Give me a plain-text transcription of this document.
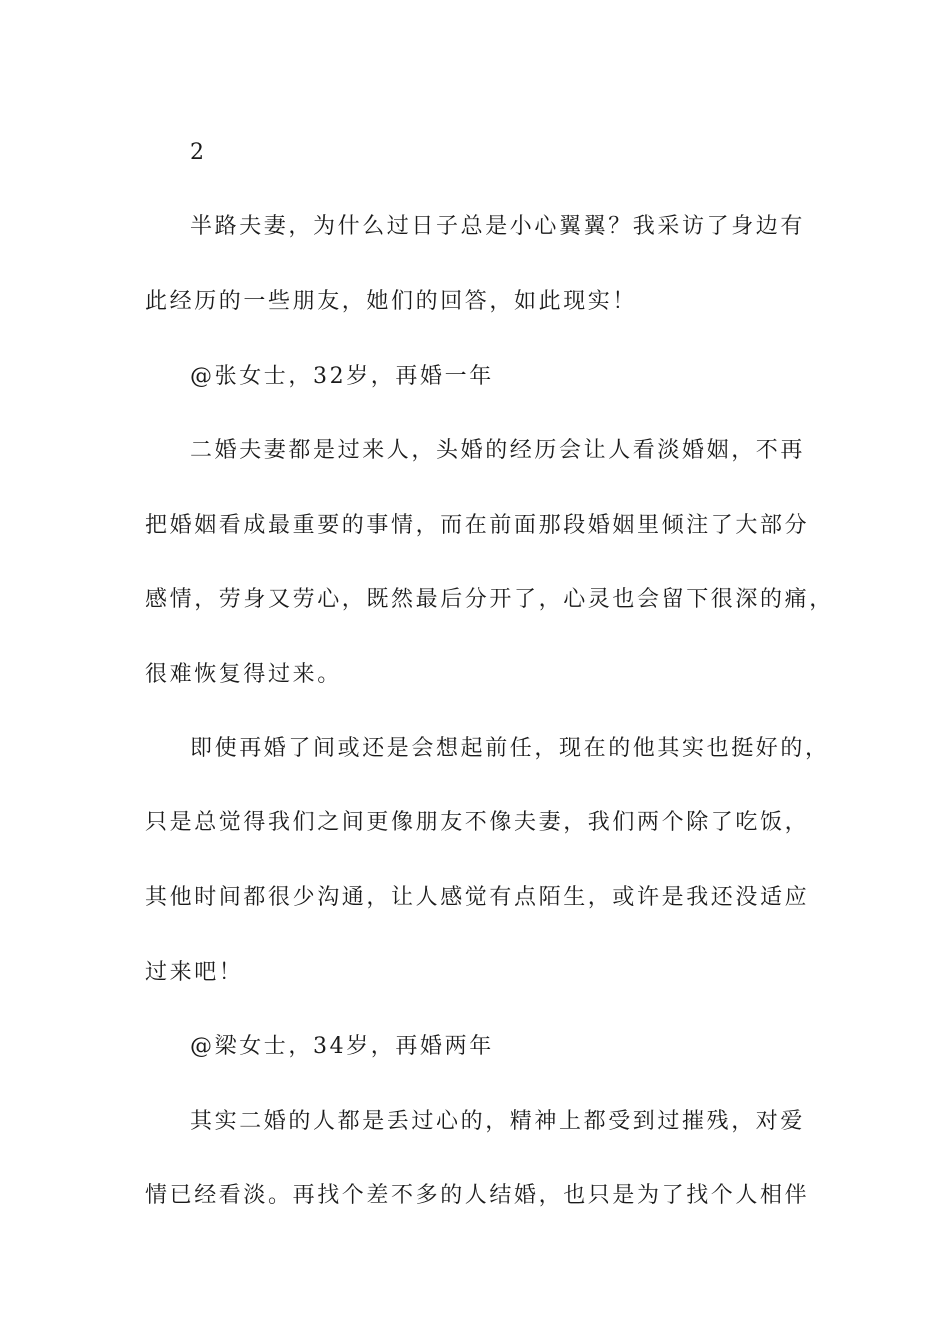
2
半路夫妻，为什么过日子总是小心翼翼？我采访了身边有
此经历的一些朋友，她们的回答，如此现实！
@张女士，32岁，再婚一年
二婚夫妻都是过来人，头婚的经历会让人看淡婚姻，不再
把婚姻看成最重要的事情，而在前面那段婚姻里倾注了大部分
感情，劳身又劳心，既然最后分开了，心灵也会留下很深的痛，
很难恢复得过来。
即使再婚了间或还是会想起前任，现在的他其实也挺好的，
只是总觉得我们之间更像朋友不像夫妻，我们两个除了吃饭，
其他时间都很少沟通，让人感觉有点陌生，或许是我还没适应
过来吧！
@梁女士，34岁，再婚两年
其实二婚的人都是丢过心的，精神上都受到过摧残，对爱
情已经看淡。再找个差不多的人结婚，也只是为了找个人相伴
